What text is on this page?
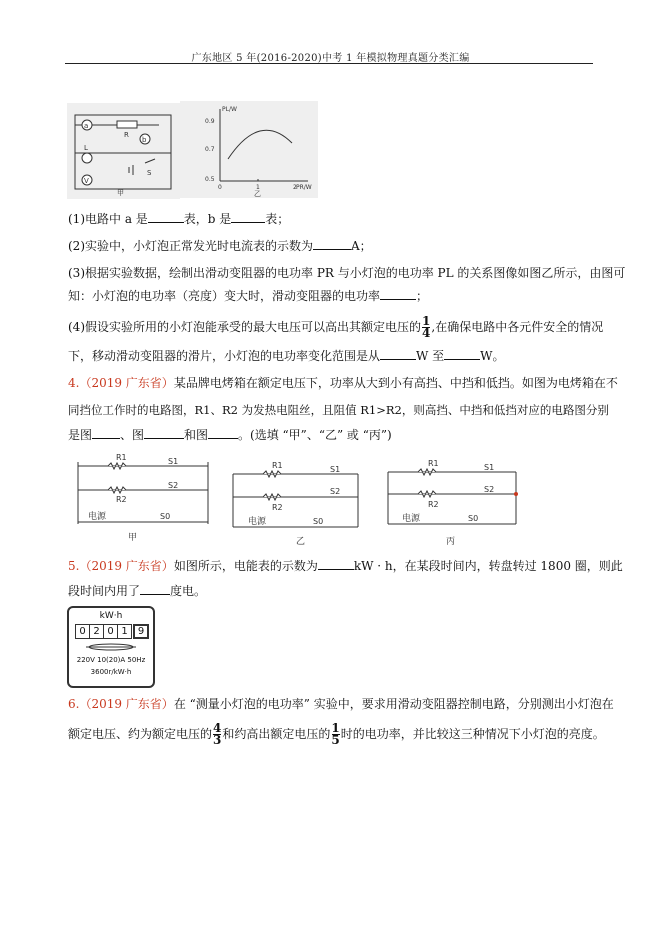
广东地区 5 年(2016-2020)中考 1 年模拟物理真题分类汇编
a
R
b
L
V
S
甲
PL/W
PR/W
0.9
0.7
0.5
0	1	2
乙
(1)电路中 a 是	表，b 是	表；
(2)实验中，小灯泡正常发光时电流表的示数为	A；
(3)根据实验数据，绘制出滑动变阻器的电功率 PR 与小灯泡的电功率 PL 的关系图像如图乙所示，由图可
知：小灯泡的电功率（亮度）变大时，滑动变阻器的电功率	；
(4)假设实验所用的小灯泡能承受的最大电压可以高出其额定电压的 $\frac{1}{4}$ ,在确保电路中各元件安全的情况
下，移动滑动变阻器的滑片，小灯泡的电功率变化范围是从	W 至	W。
4.（2019 广东省）某品牌电烤箱在额定电压下，功率从大到小有高挡、中挡和低挡。如图为电烤箱在不
同挡位工作时的电路图，R1、R2 为发热电阻丝，且阻值 R1>R2，则高挡、中挡和低挡对应的电路图分别
是图 、图	和图	。(选填 “甲”、“乙” 或 “丙”)
R1
R2
S1
S2
电源	S0
甲
R1
R2
S1
S2
电源	S0
乙
R1
R2
S1
S2
电源	S0
丙
5.（2019 广东省）如图所示，电能表的示数为	kW · h，在某段时间内，转盘转过 1800 圈，则此
段时间内用了	度电。
kW·h
0 2 0 1	9
220V 10(20)A 50Hz
3600r/kW·h
6.（2019 广东省）在 “测量小灯泡的电功率” 实验中，要求用滑动变阻器控制电路，分别测出小灯泡在
额定电压、约为额定电压的 $\frac{4}{3}$ 和约高出额定电压的 $\frac{1}{5}$ 时的电功率，并比较这三种情况下小灯泡的亮度。
